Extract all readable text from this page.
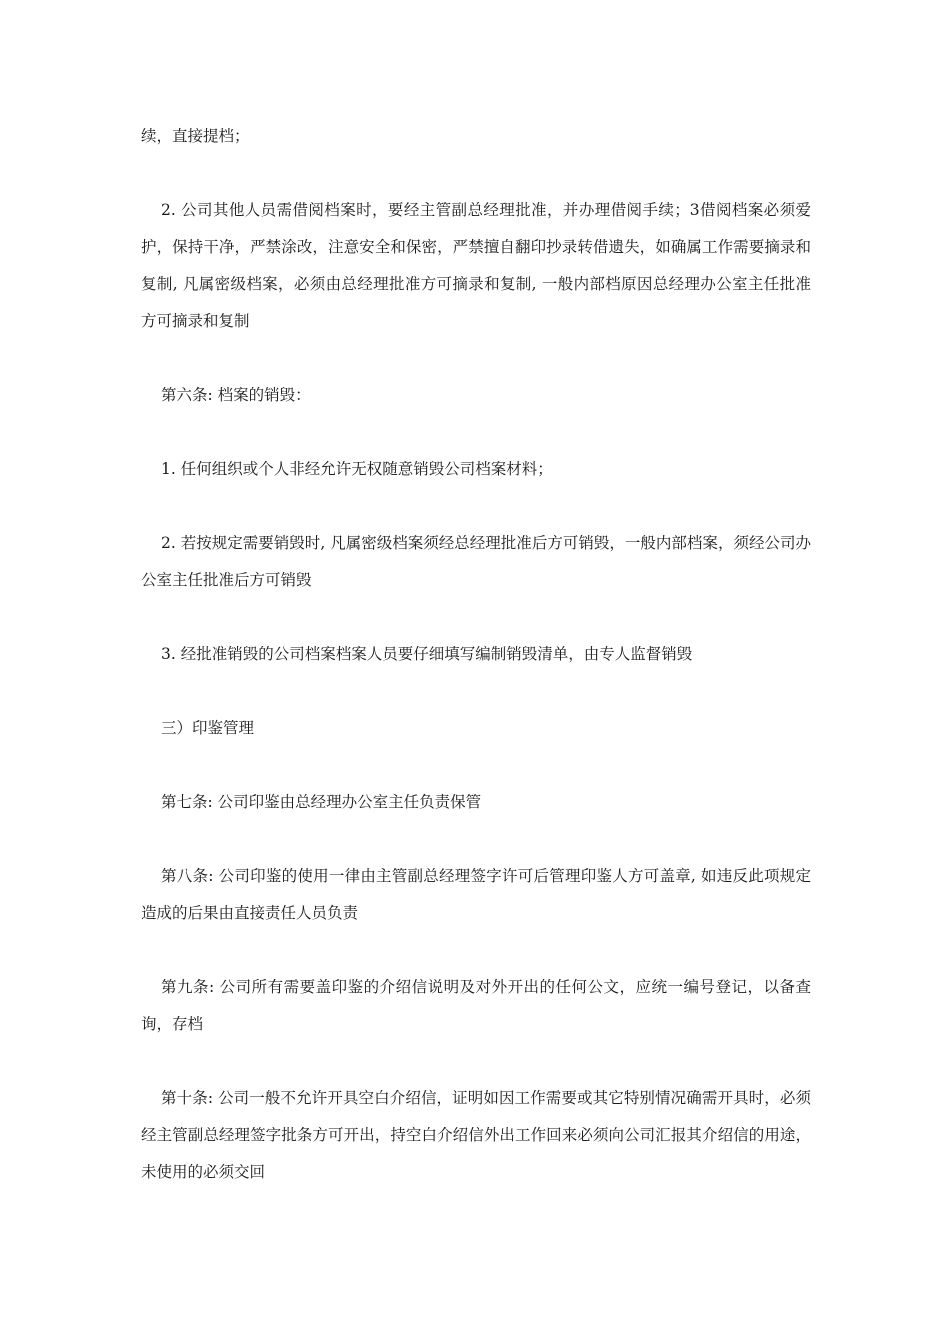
续，直接提档；

2. 公司其他人员需借阅档案时，要经主管副总经理批准，并办理借阅手续；3借阅档案必须爱护，保持干净，严禁涂改，注意安全和保密，严禁擅自翻印抄录转借遗失，如确属工作需要摘录和复制, 凡属密级档案，必须由总经理批准方可摘录和复制, 一般内部档原因总经理办公室主任批准方可摘录和复制

第六条: 档案的销毁：

1. 任何组织或个人非经允许无权随意销毁公司档案材料；

2. 若按规定需要销毁时, 凡属密级档案须经总经理批准后方可销毁，一般内部档案，须经公司办公室主任批准后方可销毁

3. 经批准销毁的公司档案档案人员要仔细填写编制销毁清单，由专人监督销毁

三）印鉴管理

第七条: 公司印鉴由总经理办公室主任负责保管

第八条: 公司印鉴的使用一律由主管副总经理签字许可后管理印鉴人方可盖章, 如违反此项规定造成的后果由直接责任人员负责

第九条: 公司所有需要盖印鉴的介绍信说明及对外开出的任何公文，应统一编号登记，以备查询，存档

第十条: 公司一般不允许开具空白介绍信，证明如因工作需要或其它特别情况确需开具时，必须经主管副总经理签字批条方可开出，持空白介绍信外出工作回来必须向公司汇报其介绍信的用途，未使用的必须交回
